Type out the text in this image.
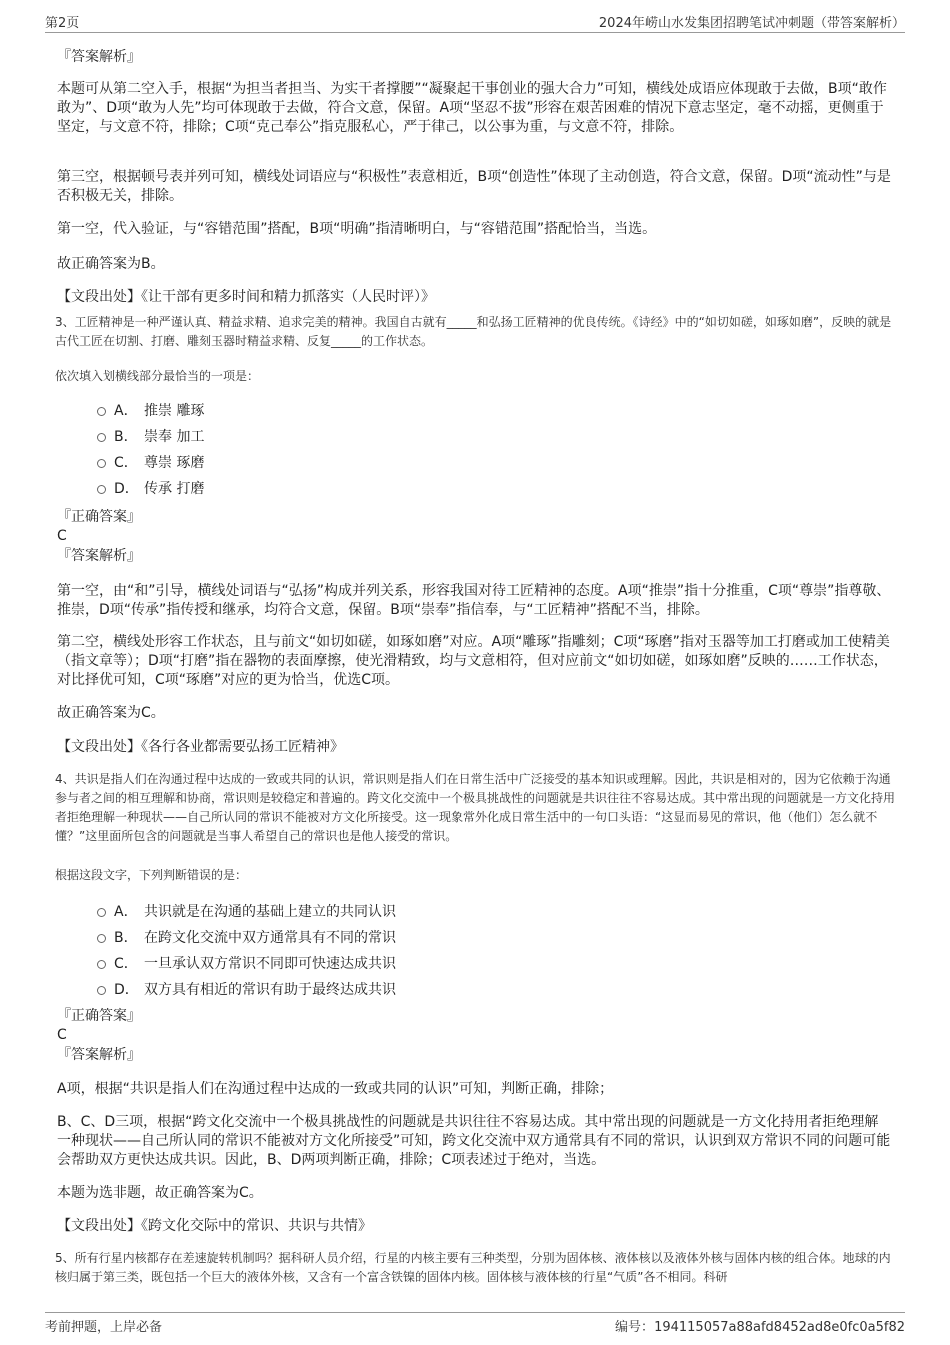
第2页	2024年崂山水发集团招聘笔试冲刺题（带答案解析）
『答案解析』
本题可从第二空入手，根据“为担当者担当、为实干者撑腰”“凝聚起干事创业的强大合力”可知，横线处成语应体现敢于去做，B项“敢作敢为”、D项“敢为人先”均可体现敢于去做，符合文意，保留。A项“坚忍不拔”形容在艰苦困难的情况下意志坚定，毫不动摇，更侧重于坚定，与文意不符，排除；C项“克己奉公”指克服私心，严于律己，以公事为重，与文意不符，排除。
第三空，根据顿号表并列可知，横线处词语应与“积极性”表意相近，B项“创造性”体现了主动创造，符合文意，保留。D项“流动性”与是否积极无关，排除。
第一空，代入验证，与“容错范围”搭配，B项“明确”指清晰明白，与“容错范围”搭配恰当，当选。
故正确答案为B。
【文段出处】《让干部有更多时间和精力抓落实（人民时评）》
3、工匠精神是一种严谨认真、精益求精、追求完美的精神。我国自古就有_____和弘扬工匠精神的优良传统。《诗经》中的“如切如磋，如琢如磨”，反映的就是古代工匠在切割、打磨、雕刻玉器时精益求精、反复_____的工作状态。
依次填入划横线部分最恰当的一项是：
A． 推崇 雕琢
B． 崇奉 加工
C． 尊崇 琢磨
D． 传承 打磨
『正确答案』
C
『答案解析』
第一空，由“和”引导，横线处词语与“弘扬”构成并列关系，形容我国对待工匠精神的态度。A项“推崇”指十分推重，C项“尊崇”指尊敬、推崇，D项“传承”指传授和继承，均符合文意，保留。B项“崇奉”指信奉，与“工匠精神”搭配不当，排除。
第二空，横线处形容工作状态，且与前文“如切如磋，如琢如磨”对应。A项“雕琢”指雕刻；C项“琢磨”指对玉器等加工打磨或加工使精美（指文章等）；D项“打磨”指在器物的表面摩擦，使光滑精致，均与文意相符，但对应前文“如切如磋，如琢如磨”反映的……工作状态，对比择优可知，C项“琢磨”对应的更为恰当，优选C项。
故正确答案为C。
【文段出处】《各行各业都需要弘扬工匠精神》
4、共识是指人们在沟通过程中达成的一致或共同的认识，常识则是指人们在日常生活中广泛接受的基本知识或理解。因此，共识是相对的，因为它依赖于沟通参与者之间的相互理解和协商，常识则是较稳定和普遍的。跨文化交流中一个极具挑战性的问题就是共识往往不容易达成。其中常出现的问题就是一方文化持用者拒绝理解一种现状——自己所认同的常识不能被对方文化所接受。这一现象常外化成日常生活中的一句口头语：“这显而易见的常识，他（他们）怎么就不懂？”这里面所包含的问题就是当事人希望自己的常识也是他人接受的常识。
根据这段文字，下列判断错误的是：
A． 共识就是在沟通的基础上建立的共同认识
B． 在跨文化交流中双方通常具有不同的常识
C． 一旦承认双方常识不同即可快速达成共识
D． 双方具有相近的常识有助于最终达成共识
『正确答案』
C
『答案解析』
A项，根据“共识是指人们在沟通过程中达成的一致或共同的认识”可知，判断正确，排除；
B、C、D三项，根据“跨文化交流中一个极具挑战性的问题就是共识往往不容易达成。其中常出现的问题就是一方文化持用者拒绝理解一种现状——自己所认同的常识不能被对方文化所接受”可知，跨文化交流中双方通常具有不同的常识，认识到双方常识不同的问题可能会帮助双方更快达成共识。因此，B、D两项判断正确，排除；C项表述过于绝对，当选。
本题为选非题，故正确答案为C。
【文段出处】《跨文化交际中的常识、共识与共情》
5、所有行星内核都存在差速旋转机制吗？据科研人员介绍，行星的内核主要有三种类型，分别为固体核、液体核以及液体外核与固体内核的组合体。地球的内核归属于第三类，既包括一个巨大的液体外核，又含有一个富含铁镍的固体内核。固体核与液体核的行星“气质”各不相同。科研
考前押题，上岸必备	编号：194115057a88afd8452ad8e0fc0a5f82
